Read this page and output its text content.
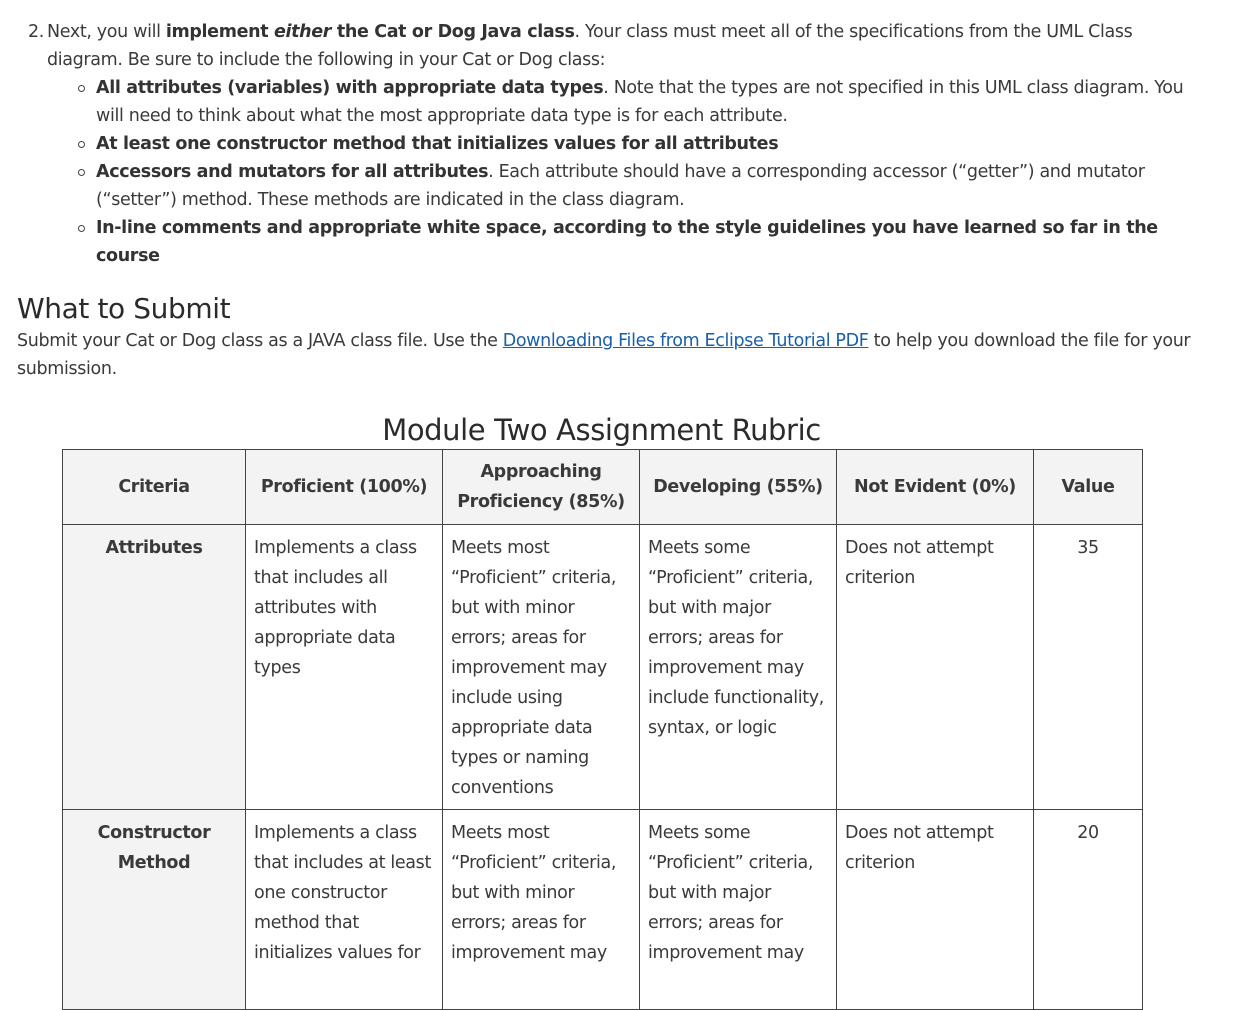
2. Next, you will implement either the Cat or Dog Java class. Your class must meet all of the specifications from the UML Class diagram. Be sure to include the following in your Cat or Dog class:
All attributes (variables) with appropriate data types. Note that the types are not specified in this UML class diagram. You will need to think about what the most appropriate data type is for each attribute.
At least one constructor method that initializes values for all attributes
Accessors and mutators for all attributes. Each attribute should have a corresponding accessor (“getter”) and mutator (“setter”) method. These methods are indicated in the class diagram.
In-line comments and appropriate white space, according to the style guidelines you have learned so far in the course
What to Submit
Submit your Cat or Dog class as a JAVA class file. Use the Downloading Files from Eclipse Tutorial PDF to help you download the file for your submission.
Module Two Assignment Rubric
Criteria	Proficient (100%)	Approaching Proficiency (85%)	Developing (55%)	Not Evident (0%)	Value
Attributes	Implements a class that includes all attributes with appropriate data types	Meets most “Proficient” criteria, but with minor errors; areas for improvement may include using appropriate data types or naming conventions	Meets some “Proficient” criteria, but with major errors; areas for improvement may include functionality, syntax, or logic	Does not attempt criterion	35
Constructor Method	Implements a class that includes at least one constructor method that initializes values for	Meets most “Proficient” criteria, but with minor errors; areas for improvement may	Meets some “Proficient” criteria, but with major errors; areas for improvement may	Does not attempt criterion	20
